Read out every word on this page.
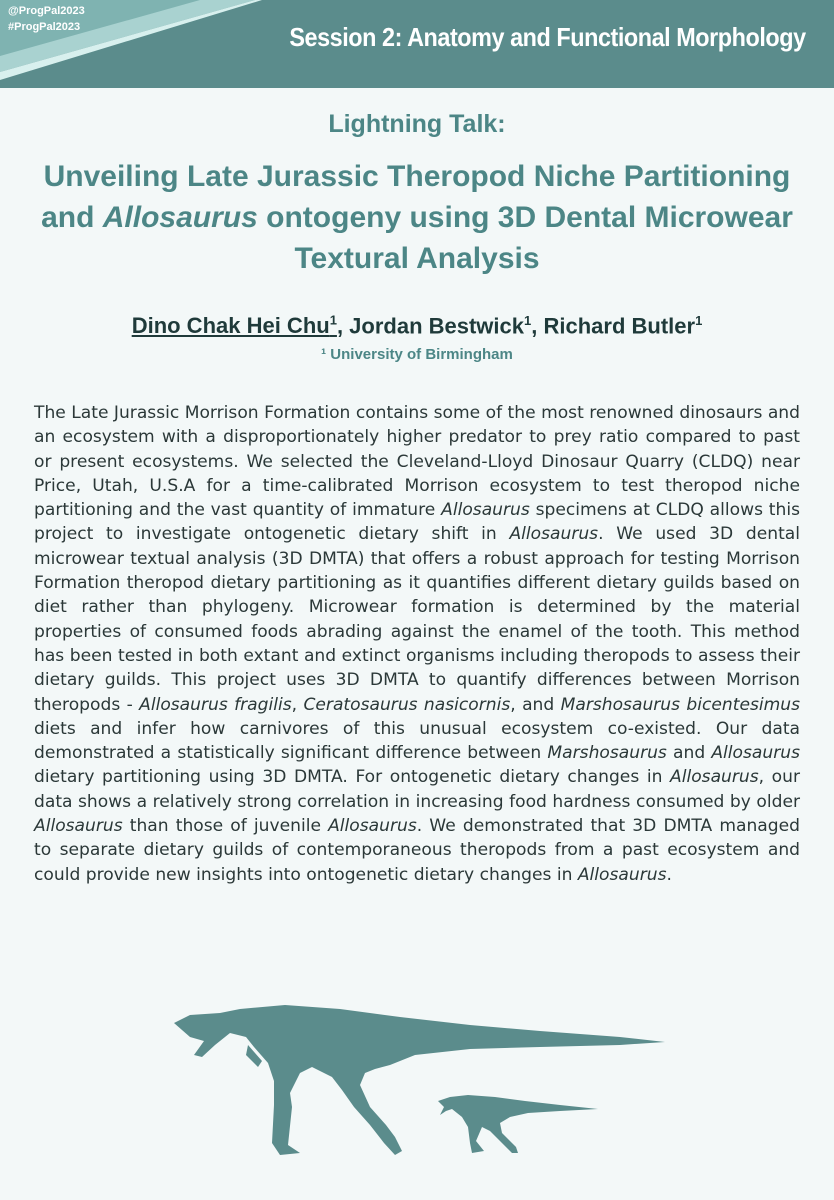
@ProgPal2023
#ProgPal2023	Session 2: Anatomy and Functional Morphology
Lightning Talk:
Unveiling Late Jurassic Theropod Niche Partitioning
and Allosaurus ontogeny using 3D Dental Microwear
Textural Analysis
Dino Chak Hei Chu$^1$, Jordan Bestwick$^1$, Richard Butler$^1$
¹ University of Birmingham

The Late Jurassic Morrison Formation contains some of the most renowned dinosaurs and an ecosystem with a disproportionately higher predator to prey ratio compared to past or present ecosystems. We selected the Cleveland-Lloyd Dinosaur Quarry (CLDQ) near Price, Utah, U.S.A for a time-calibrated Morrison ecosystem to test theropod niche partitioning and the vast quantity of immature Allosaurus specimens at CLDQ allows this project to investigate ontogenetic dietary shift in Allosaurus. We used 3D dental microwear textual analysis (3D DMTA) that offers a robust approach for testing Morrison Formation theropod dietary partitioning as it quantifies different dietary guilds based on diet rather than phylogeny. Microwear formation is determined by the material properties of consumed foods abrading against the enamel of the tooth. This method has been tested in both extant and extinct organisms including theropods to assess their dietary guilds. This project uses 3D DMTA to quantify differences between Morrison theropods - Allosaurus fragilis, Ceratosaurus nasicornis, and Marshosaurus bicentesimus diets and infer how carnivores of this unusual ecosystem co-existed. Our data demonstrated a statistically significant difference between Marshosaurus and Allosaurus dietary partitioning using 3D DMTA. For ontogenetic dietary changes in Allosaurus, our data shows a relatively strong correlation in increasing food hardness consumed by older Allosaurus than those of juvenile Allosaurus. We demonstrated that 3D DMTA managed to separate dietary guilds of contemporaneous theropods from a past ecosystem and could provide new insights into ontogenetic dietary changes in Allosaurus.
